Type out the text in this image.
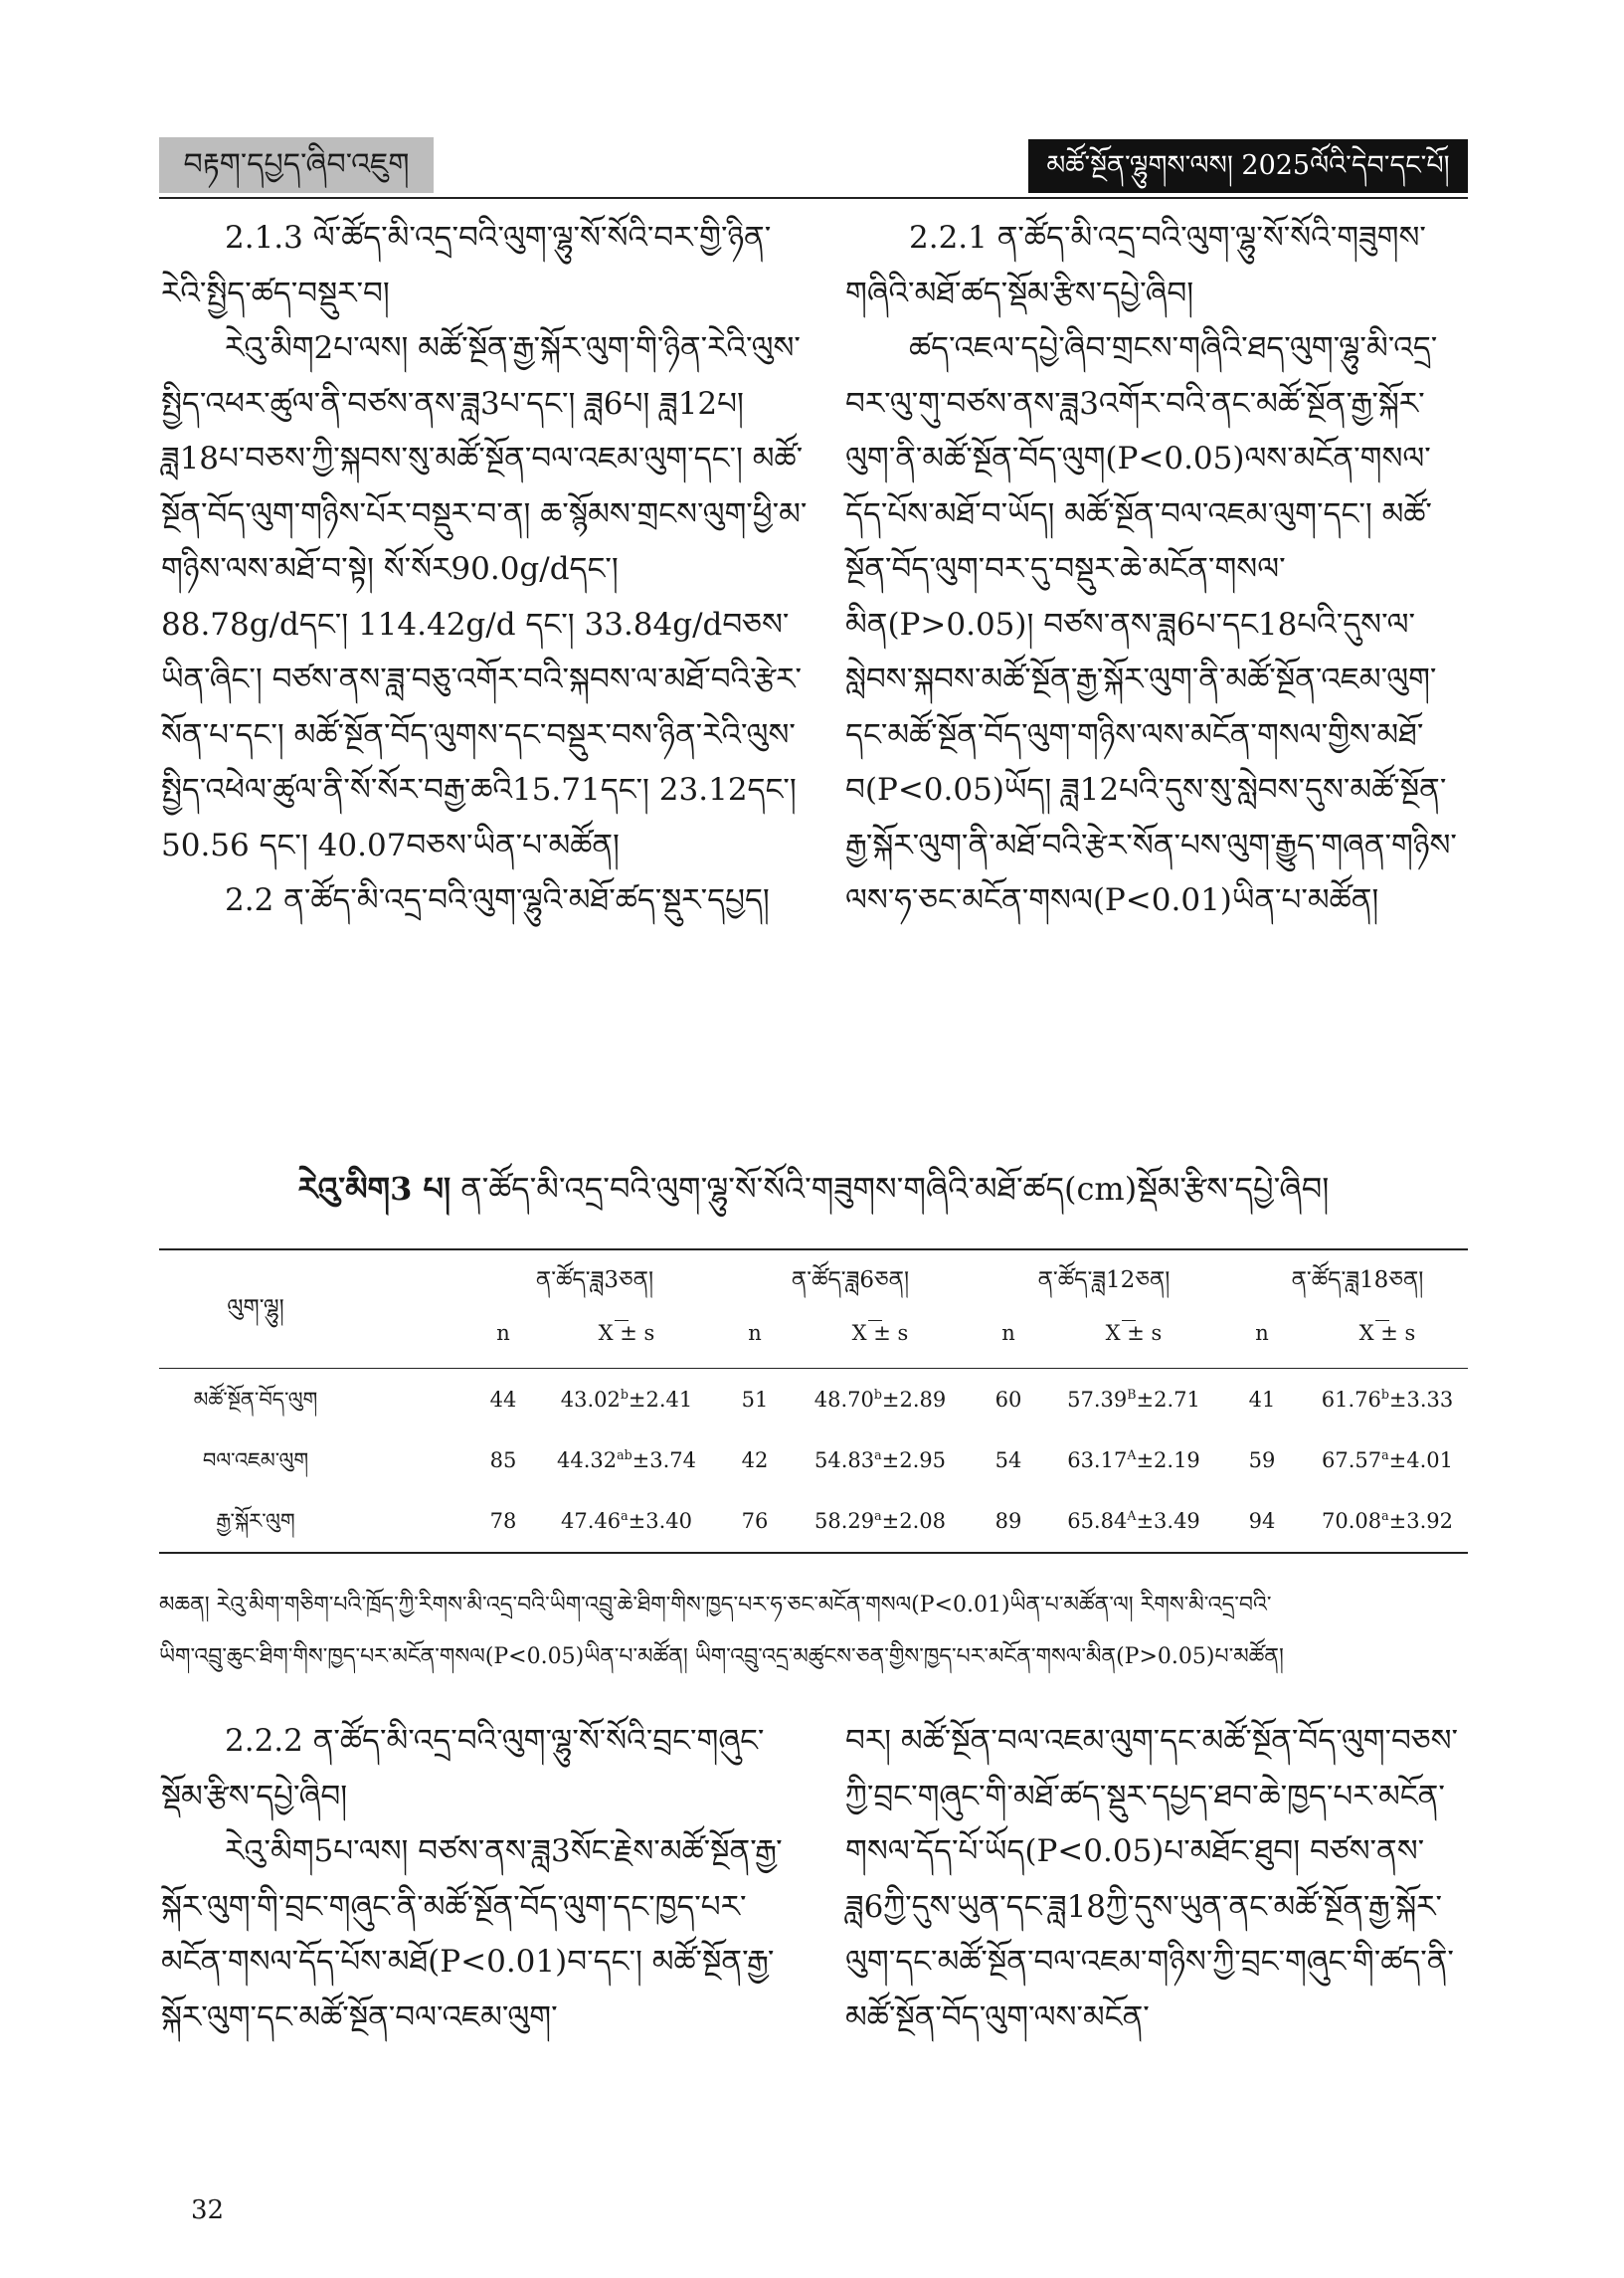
བརྟག་དཔྱད་ཞིབ་འཇུག	མཚོ་སྔོན་ལྷུགས་ལས། 2025ལོའི་དེབ་དང་པོ།

2.1.3 ལོ་ཚོད་མི་འདྲ་བའི་ལུག་ལྷུ་སོ་སོའི་བར་གྱི་ཉིན་རེའི་སྤྱིད་ཚད་བསྡུར་བ།

རེའུ་མིག2པ་ལས། མཚོ་སྔོན་རྒྱ་སྐོར་ལུག་གི་ཉིན་རེའི་ལུས་སྤྱིད་འཕར་ཚུལ་ནི་བཙས་ནས་ཟླ3པ་དང་། ཟླ6པ། ཟླ12པ། ཟླ18པ་བཅས་ཀྱི་སྐབས་སུ་མཚོ་སྔོན་བལ་འཇམ་ལུག་དང་། མཚོ་སྔོན་བོད་ལུག་གཉིས་པོར་བསྡུར་བ་ན། ཆ་སྙོམས་གྲངས་ལུག་ཕྱི་མ་གཉིས་ལས་མཐོ་བ་སྟེ། སོ་སོར90.0g/dདང་། 88.78g/dདང་། 114.42g/d དང་། 33.84g/dབཅས་ཡིན་ཞིང་། བཙས་ནས་ཟླ་བཅུ་འགོར་བའི་སྐབས་ལ་མཐོ་བའི་རྩེར་སོན་པ་དང་། མཚོ་སྔོན་བོད་ལུགས་དང་བསྡུར་བས་ཉིན་རེའི་ལུས་སྤྱིད་འཕེལ་ཚུལ་ནི་སོ་སོར་བརྒྱ་ཆའི15.71དང་། 23.12དང་། 50.56 དང་། 40.07བཅས་ཡིན་པ་མཚོན།

2.2 ན་ཚོད་མི་འདྲ་བའི་ལུག་ལྷུའི་མཐོ་ཚད་སྡུར་དཔྱད།

2.2.1 ན་ཚོད་མི་འདྲ་བའི་ལུག་ལྷུ་སོ་སོའི་གཟུགས་གཞིའི་མཐོ་ཚད་སྡོམ་རྩིས་དཔྱེ་ཞིབ།

ཚད་འཇལ་དཔྱེ་ཞིབ་གྲངས་གཞིའི་ཐད་ལུག་ལྷུ་མི་འདྲ་བར་ལུ་གུ་བཙས་ནས་ཟླ3འགོར་བའི་ནང་མཚོ་སྔོན་རྒྱ་སྐོར་ལུག་ནི་མཚོ་སྔོན་བོད་ལུག(P<0.05)ལས་མངོན་གསལ་དོད་པོས་མཐོ་བ་ཡོད། མཚོ་སྔོན་བལ་འཇམ་ལུག་དང་། མཚོ་སྔོན་བོད་ལུག་བར་དུ་བསྡུར་ཆེ་མངོན་གསལ་མིན(P>0.05)། བཙས་ནས་ཟླ6པ་དང18པའི་དུས་ལ་སླེབས་སྐབས་མཚོ་སྔོན་རྒྱ་སྐོར་ལུག་ནི་མཚོ་སྔོན་འཇམ་ལུག་དང་མཚོ་སྔོན་བོད་ལུག་གཉིས་ལས་མངོན་གསལ་གྱིས་མཐོ་བ(P<0.05)ཡོད། ཟླ12པའི་དུས་སུ་སླེབས་དུས་མཚོ་སྔོན་རྒྱ་སྐོར་ལུག་ནི་མཐོ་བའི་རྩེར་སོན་པས་ལུག་རྒྱུད་གཞན་གཉིས་ལས་ཧ་ཅང་མངོན་གསལ(P<0.01)ཡིན་པ་མཚོན།

རེའུ་མིག3 པ། ན་ཚོད་མི་འདྲ་བའི་ལུག་ལྷུ་སོ་སོའི་གཟུགས་གཞིའི་མཐོ་ཚད(cm)སྡོམ་རྩིས་དཔྱེ་ཞིབ།
ལུག་ལྷུ།
ན་ཚོད་ཟླ3ཅན།
n	X ± s
ན་ཚོད་ཟླ6ཅན།
n	X ± s
ན་ཚོད་ཟླ12ཅན།
n	X ± s
ན་ཚོད་ཟླ18ཅན།
n	X ± s
མཚོ་སྔོན་བོད་ལུག	44	43.02$^b$±2.41	51	48.70$^b$±2.89	60	$57.39^B\pm 2.71$	41	61.76$^b$±3.33
བལ་འཇམ་ལུག	85	44.32$^{ab}$±3.74	42	54.83$^a$±2.95	54	$63.17^A\pm 2.19$	59	67.57$^a$±4.01
རྒྱ་སྐོར་ལུག	78	47.46$^a$±3.40	76	58.29$^a$±2.08	89	$65.84^A\pm 3.49$	94	70.08$^a$±3.92
མཆན། རེའུ་མིག་གཅིག་པའི་ཁྲོད་ཀྱི་རིགས་མི་འདྲ་བའི་ཡིག་འབྲུ་ཆེ་ཐིག་གིས་ཁྱད་པར་ཧ་ཅང་མངོན་གསལ(P<0.01)ཡིན་པ་མཚོན་ལ། རིགས་མི་འདྲ་བའི་
ཡིག་འབྲུ་ཆུང་ཐིག་གིས་ཁྱད་པར་མངོན་གསལ(P<0.05)ཡིན་པ་མཚོན། ཡིག་འབྲུ་འདྲ་མཚུངས་ཅན་གྱིས་ཁྱད་པར་མངོན་གསལ་མིན(P>0.05)པ་མཚོན།

2.2.2 ན་ཚོད་མི་འདྲ་བའི་ལུག་ལྷུ་སོ་སོའི་བྲང་གཞུང་སྡོམ་རྩིས་དཔྱེ་ཞིབ།

རེའུ་མིག5པ་ལས། བཙས་ནས་ཟླ3སོང་རྗེས་མཚོ་སྔོན་རྒྱ་སྐོར་ལུག་གི་བྲང་གཞུང་ནི་མཚོ་སྔོན་བོད་ལུག་དང་ཁྱད་པར་མངོན་གསལ་དོད་པོས་མཐོ(P<0.01)བ་དང་། མཚོ་སྔོན་རྒྱ་སྐོར་ལུག་དང་མཚོ་སྔོན་བལ་འཇམ་ལུག་

བར། མཚོ་སྔོན་བལ་འཇམ་ལུག་དང་མཚོ་སྔོན་བོད་ལུག་བཅས་ཀྱི་བྲང་གཞུང་གི་མཐོ་ཚད་སྡུར་དཔྱད་ཐབ་ཆེ་ཁྱད་པར་མངོན་གསལ་དོད་པོ་ཡོད(P<0.05)པ་མཐོང་ཐུབ། བཙས་ནས་ཟླ6ཀྱི་དུས་ཡུན་དང་ཟླ18ཀྱི་དུས་ཡུན་ནང་མཚོ་སྔོན་རྒྱ་སྐོར་ལུག་དང་མཚོ་སྔོན་བལ་འཇམ་གཉིས་ཀྱི་བྲང་གཞུང་གི་ཚད་ནི་མཚོ་སྔོན་བོད་ལུག་ལས་མངོན་

32
